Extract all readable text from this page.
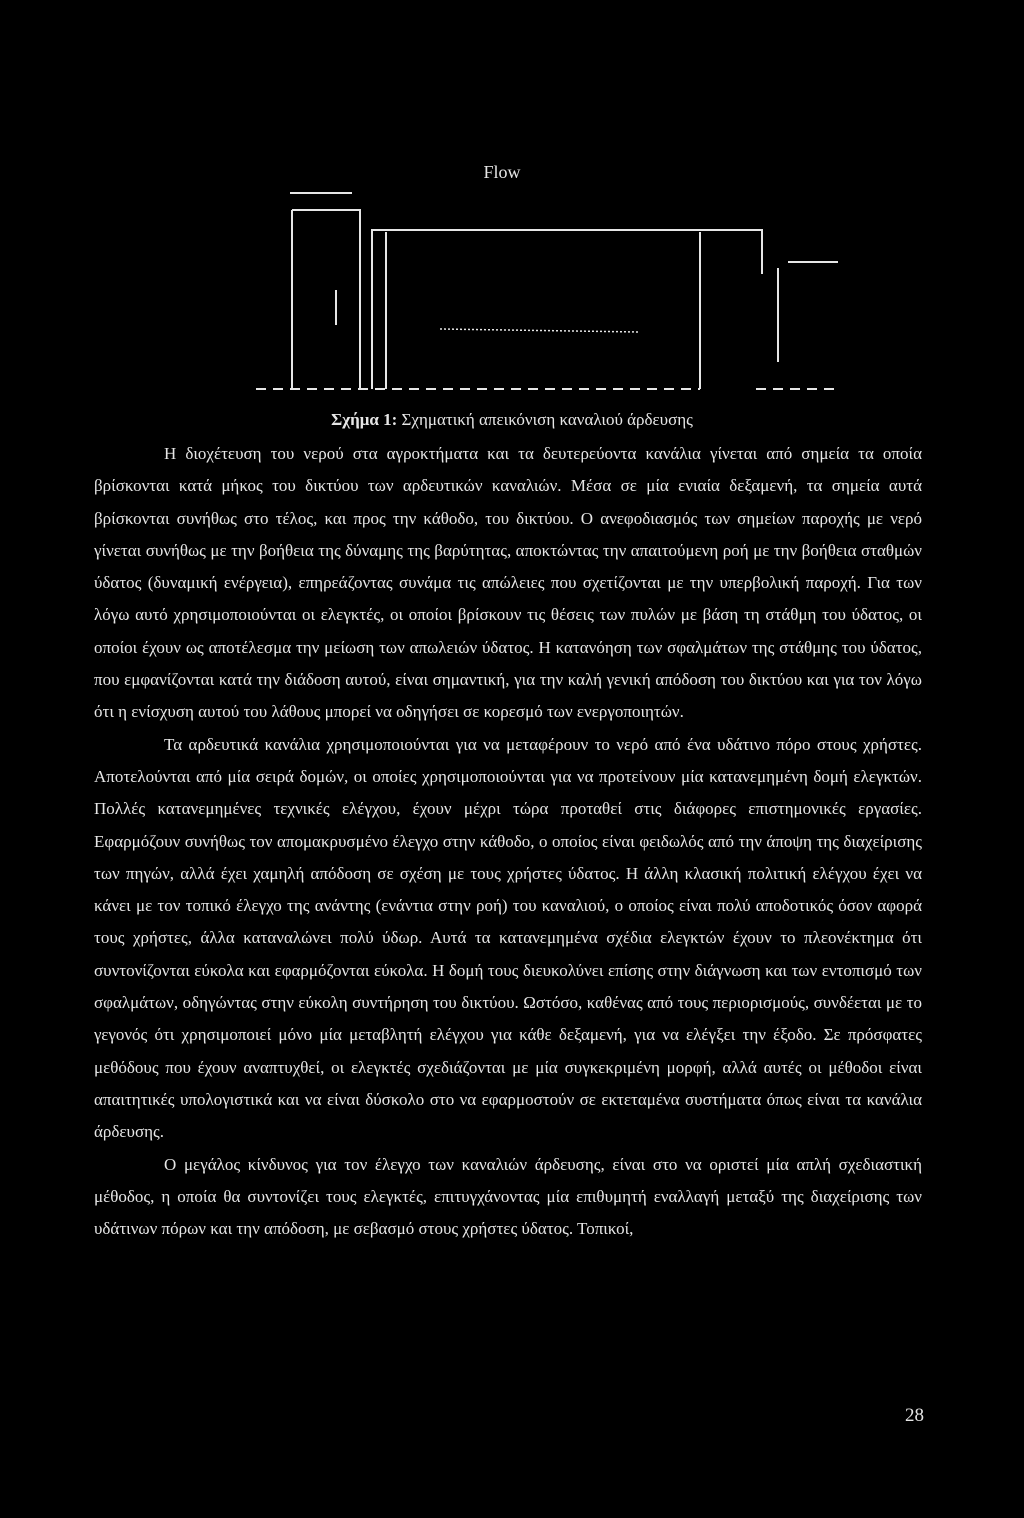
Flow
Σχήμα 1: Σχηματική απεικόνιση καναλιού άρδευσης

Η διοχέτευση του νερού στα αγροκτήματα και τα δευτερεύοντα κανάλια γίνεται από σημεία τα οποία βρίσκονται κατά μήκος του δικτύου των αρδευτικών καναλιών. Μέσα σε μία ενιαία δεξαμενή, τα σημεία αυτά βρίσκονται συνήθως στο τέλος, και προς την κάθοδο, του δικτύου. Ο ανεφοδιασμός των σημείων παροχής με νερό γίνεται συνήθως με την βοήθεια της δύναμης της βαρύτητας, αποκτώντας την απαιτούμενη ροή με την βοήθεια σταθμών ύδατος (δυναμική ενέργεια), επηρεάζοντας συνάμα τις απώλειες που σχετίζονται με την υπερβολική παροχή. Για των λόγω αυτό χρησιμοποιούνται οι ελεγκτές, οι οποίοι βρίσκουν τις θέσεις των πυλών με βάση τη στάθμη του ύδατος, οι οποίοι έχουν ως αποτέλεσμα την μείωση των απωλειών ύδατος. Η κατανόηση των σφαλμάτων της στάθμης του ύδατος, που εμφανίζονται κατά την διάδοση αυτού, είναι σημαντική, για την καλή γενική απόδοση του δικτύου και για τον λόγω ότι η ενίσχυση αυτού του λάθους μπορεί να οδηγήσει σε κορεσμό των ενεργοποιητών.

Τα αρδευτικά κανάλια χρησιμοποιούνται για να μεταφέρουν το νερό από ένα υδάτινο πόρο στους χρήστες. Αποτελούνται από μία σειρά δομών, οι οποίες χρησιμοποιούνται για να προτείνουν μία κατανεμημένη δομή ελεγκτών. Πολλές κατανεμημένες τεχνικές ελέγχου, έχουν μέχρι τώρα προταθεί στις διάφορες επιστημονικές εργασίες. Εφαρμόζουν συνήθως τον απομακρυσμένο έλεγχο στην κάθοδο, ο οποίος είναι φειδωλός από την άποψη της διαχείρισης των πηγών, αλλά έχει χαμηλή απόδοση σε σχέση με τους χρήστες ύδατος. Η άλλη κλασική πολιτική ελέγχου έχει να κάνει με τον τοπικό έλεγχο της ανάντης (ενάντια στην ροή) του καναλιού, ο οποίος είναι πολύ αποδοτικός όσον αφορά τους χρήστες, άλλα καταναλώνει πολύ ύδωρ. Αυτά τα κατανεμημένα σχέδια ελεγκτών έχουν το πλεονέκτημα ότι συντονίζονται εύκολα και εφαρμόζονται εύκολα. Η δομή τους διευκολύνει επίσης στην διάγνωση και των εντοπισμό των σφαλμάτων, οδηγώντας στην εύκολη συντήρηση του δικτύου. Ωστόσο, καθένας από τους περιορισμούς, συνδέεται με το γεγονός ότι χρησιμοποιεί μόνο μία μεταβλητή ελέγχου για κάθε δεξαμενή, για να ελέγξει την έξοδο. Σε πρόσφατες μεθόδους που έχουν αναπτυχθεί, οι ελεγκτές σχεδιάζονται με μία συγκεκριμένη μορφή, αλλά αυτές οι μέθοδοι είναι απαιτητικές υπολογιστικά και να είναι δύσκολο στο να εφαρμοστούν σε εκτεταμένα συστήματα όπως είναι τα κανάλια άρδευσης.

Ο μεγάλος κίνδυνος για τον έλεγχο των καναλιών άρδευσης, είναι στο να οριστεί μία απλή σχεδιαστική μέθοδος, η οποία θα συντονίζει τους ελεγκτές, επιτυγχάνοντας μία επιθυμητή εναλλαγή μεταξύ της διαχείρισης των υδάτινων πόρων και την απόδοση, με σεβασμό στους χρήστες ύδατος. Τοπικοί,

28
